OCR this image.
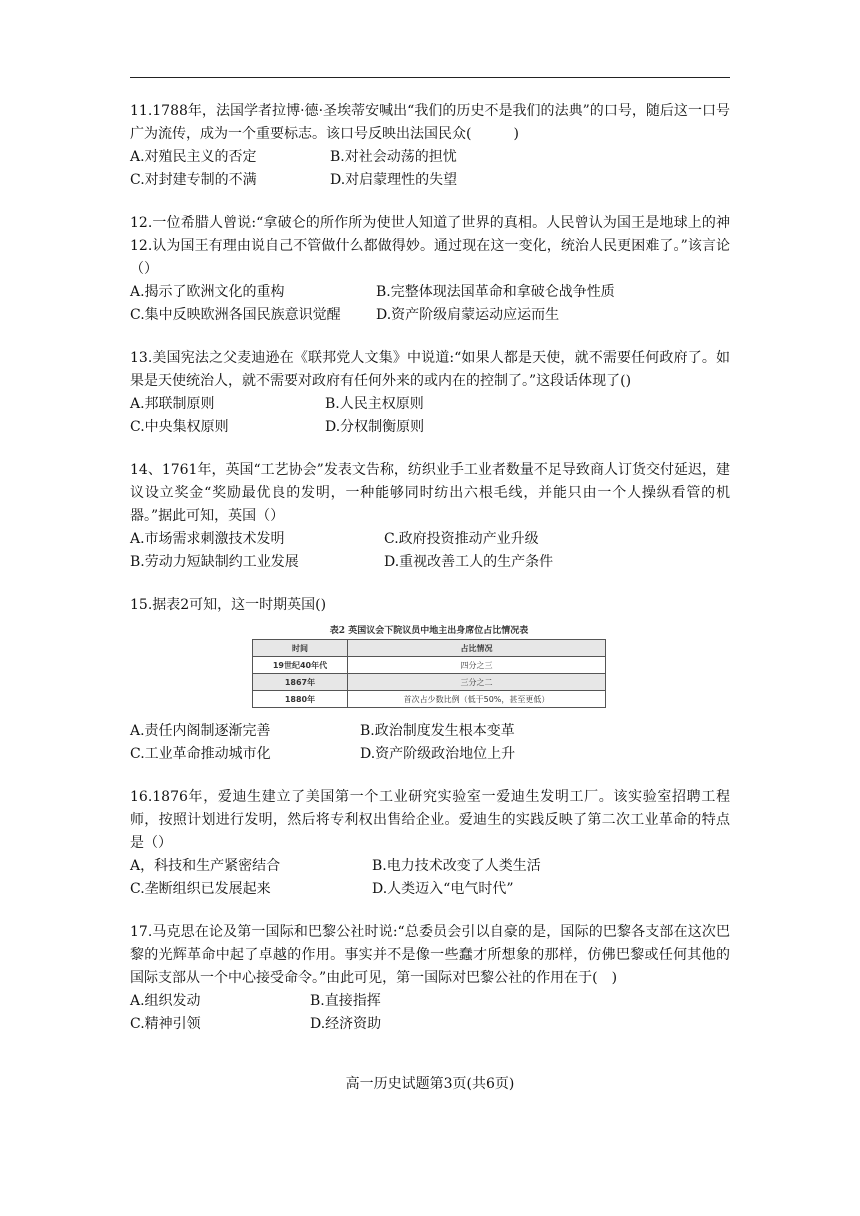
11.1788年，法国学者拉博·德·圣埃蒂安喊出“我们的历史不是我们的法典”的口号，随后这一口号广为流传，成为一个重要标志。该口号反映出法国民众(　　　)

A.对殖民主义的否定	B.对社会动荡的担忧
C.对封建专制的不满	D.对启蒙理性的失望

12.一位希腊人曾说:“拿破仑的所作所为使世人知道了世界的真相。人民曾认为国王是地球上的神12.认为国王有理由说自己不管做什么都做得妙。通过现在这一变化，统治人民更困难了。”该言论（）

A.揭示了欧洲文化的重构	B.完整体现法国革命和拿破仑战争性质
C.集中反映欧洲各国民族意识觉醒	D.资产阶级肩蒙运动应运而生

13.美国宪法之父麦迪逊在《联邦党人文集》中说道:“如果人都是天使，就不需要任何政府了。如果是天使统治人，就不需要对政府有任何外来的或内在的控制了。”这段话体现了()

A.邦联制原则	B.人民主权原则
C.中央集权原则	D.分权制衡原则

14、1761年，英国“工艺协会”发表文告称，纺织业手工业者数量不足导致商人订货交付延迟，建议设立奖金“奖励最优良的发明，一种能够同时纺出六根毛线，并能只由一个人操纵看管的机器。”据此可知，英国（）

A.市场需求刺激技术发明	C.政府投资推动产业升级
B.劳动力短缺制约工业发展	D.重视改善工人的生产条件

15.据表2可知，这一时期英国()

表2 英国议会下院议员中地主出身席位占比情况表
时间	占比情况
19世纪40年代	四分之三
1867年	三分之二
1880年	首次占少数比例（低于50%，甚至更低）
A.责任内阁制逐渐完善	B.政治制度发生根本变革
C.工业革命推动城市化	D.资产阶级政治地位上升

16.1876年，爱迪生建立了美国第一个工业研究实验室一爱迪生发明工厂。该实验室招聘工程师，按照计划进行发明，然后将专利权出售给企业。爱迪生的实践反映了第二次工业革命的特点是（）

A，科技和生产紧密结合	B.电力技术改变了人类生活
C.垄断组织已发展起来	D.人类迈入“电气时代”

17.马克思在论及第一国际和巴黎公社时说:“总委员会引以自豪的是，国际的巴黎各支部在这次巴黎的光辉革命中起了卓越的作用。事实并不是像一些蠢才所想象的那样，仿佛巴黎或任何其他的国际支部从一个中心接受命令。”由此可见，第一国际对巴黎公社的作用在于(　)

A.组织发动	B.直接指挥
C.精神引领	D.经济资助
高一历史试题第3页(共6页)
